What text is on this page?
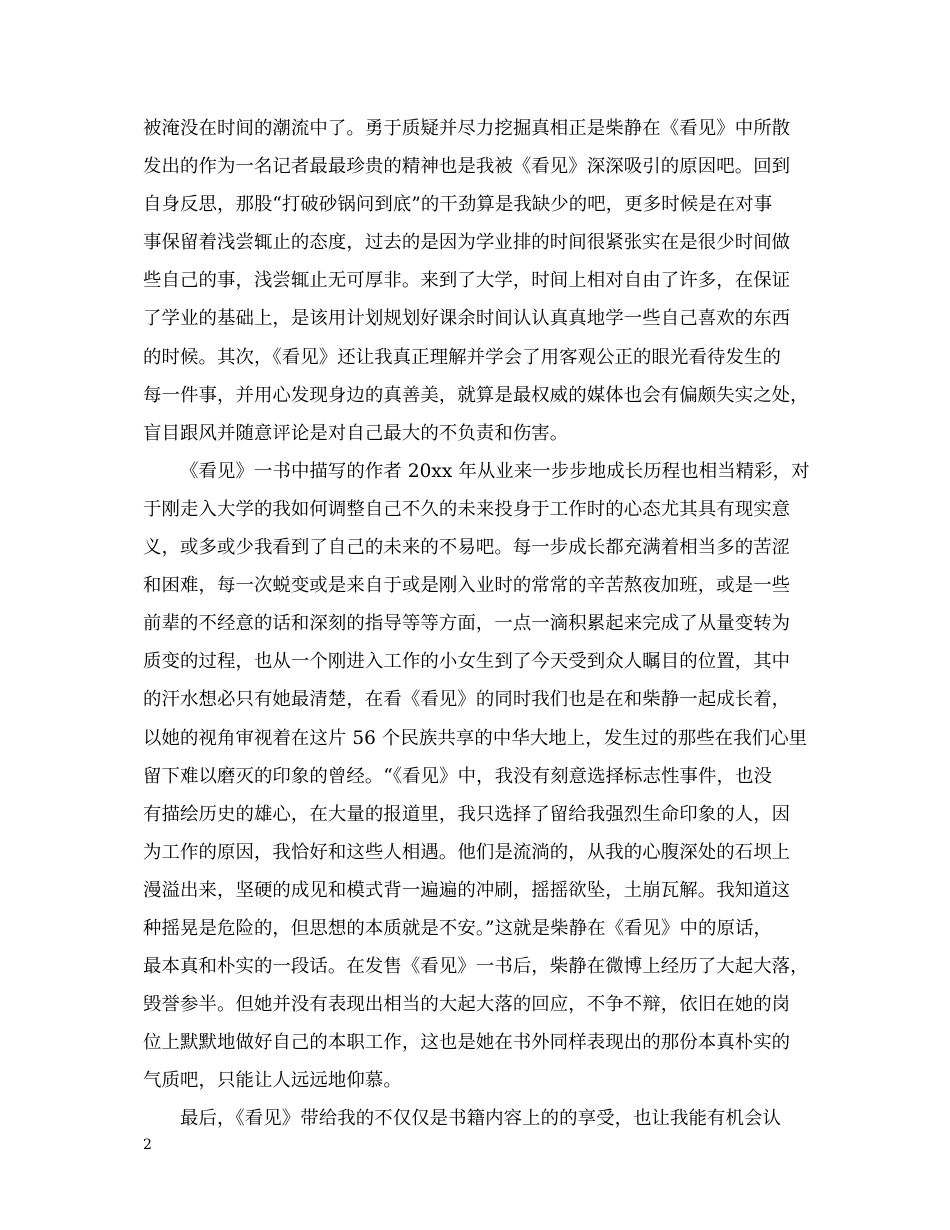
被淹没在时间的潮流中了。勇于质疑并尽力挖掘真相正是柴静在《看见》中所散
发出的作为一名记者最最珍贵的精神也是我被《看见》深深吸引的原因吧。回到
自身反思，那股“打破砂锅问到底”的干劲算是我缺少的吧，更多时候是在对事
事保留着浅尝辄止的态度，过去的是因为学业排的时间很紧张实在是很少时间做
些自己的事，浅尝辄止无可厚非。来到了大学，时间上相对自由了许多，在保证
了学业的基础上，是该用计划规划好课余时间认认真真地学一些自己喜欢的东西
的时候。其次，《看见》还让我真正理解并学会了用客观公正的眼光看待发生的
每一件事，并用心发现身边的真善美，就算是最权威的媒体也会有偏颇失实之处，
盲目跟风并随意评论是对自己最大的不负责和伤害。
《看见》一书中描写的作者 20xx 年从业来一步步地成长历程也相当精彩，对
于刚走入大学的我如何调整自己不久的未来投身于工作时的心态尤其具有现实意
义，或多或少我看到了自己的未来的不易吧。每一步成长都充满着相当多的苦涩
和困难，每一次蜕变或是来自于或是刚入业时的常常的辛苦熬夜加班，或是一些
前辈的不经意的话和深刻的指导等等方面，一点一滴积累起来完成了从量变转为
质变的过程，也从一个刚进入工作的小女生到了今天受到众人瞩目的位置，其中
的汗水想必只有她最清楚，在看《看见》的同时我们也是在和柴静一起成长着，
以她的视角审视着在这片 56 个民族共享的中华大地上，发生过的那些在我们心里
留下难以磨灭的印象的曾经。“《看见》中，我没有刻意选择标志性事件，也没
有描绘历史的雄心，在大量的报道里，我只选择了留给我强烈生命印象的人，因
为工作的原因，我恰好和这些人相遇。他们是流淌的，从我的心腹深处的石坝上
漫溢出来，坚硬的成见和模式背一遍遍的冲刷，摇摇欲坠，土崩瓦解。我知道这
种摇晃是危险的，但思想的本质就是不安。”这就是柴静在《看见》中的原话，
最本真和朴实的一段话。在发售《看见》一书后，柴静在微博上经历了大起大落，
毁誉参半。但她并没有表现出相当的大起大落的回应，不争不辩，依旧在她的岗
位上默默地做好自己的本职工作，这也是她在书外同样表现出的那份本真朴实的
气质吧，只能让人远远地仰慕。
最后，《看见》带给我的不仅仅是书籍内容上的的享受，也让我能有机会认
2
